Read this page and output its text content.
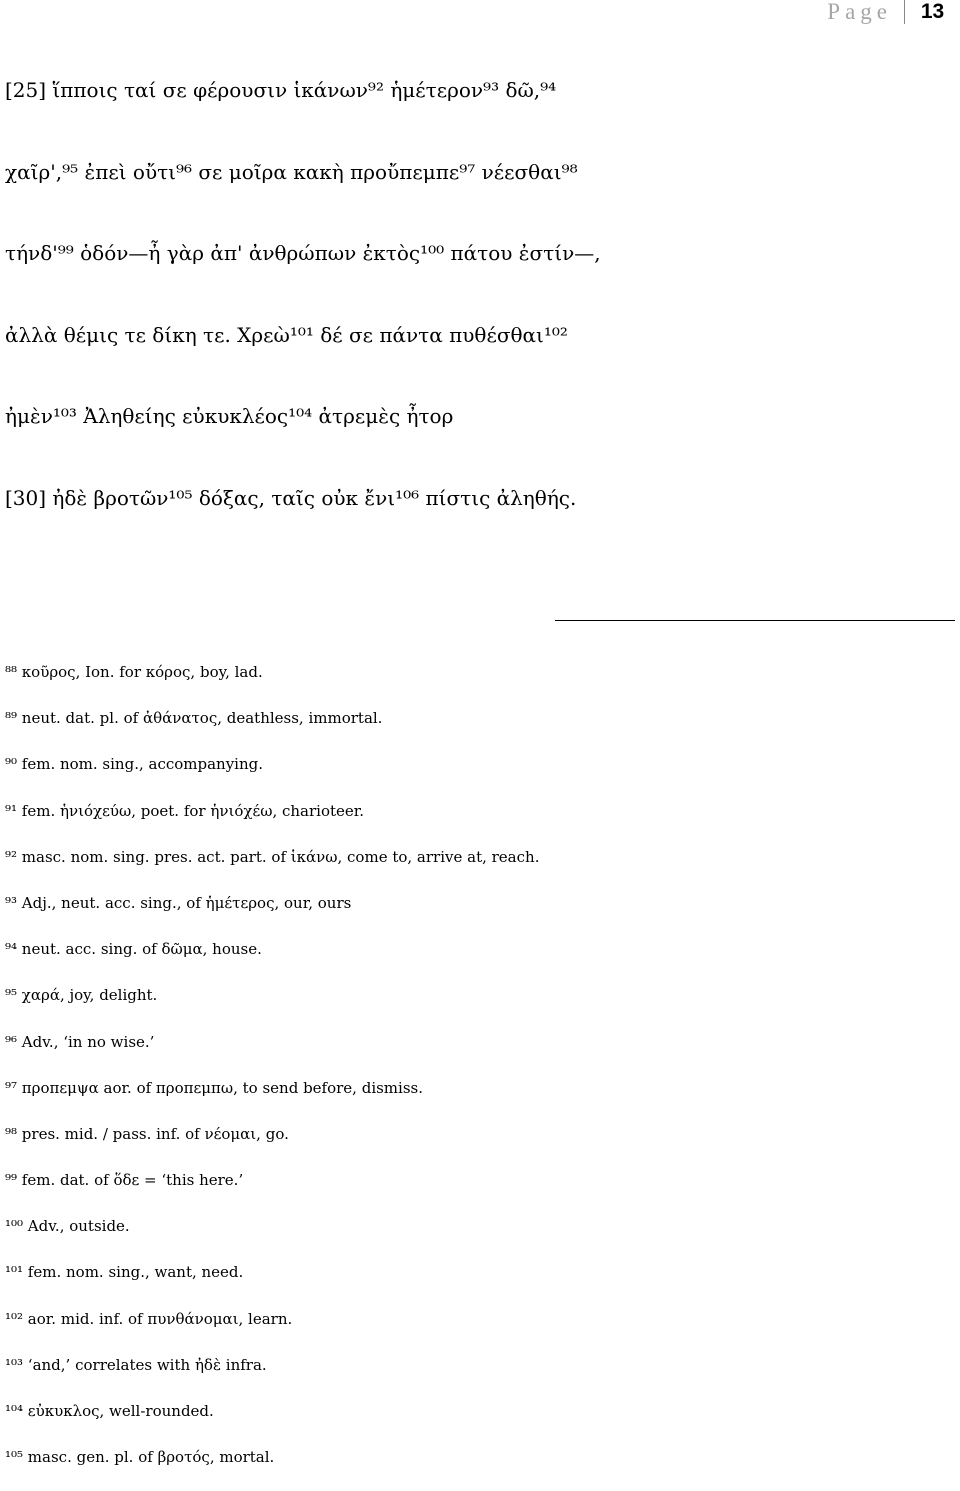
Page	13
[25] ἵπποις ταί σε φέρουσιν ἱκάνων⁹² ἡμέτερον⁹³ δῶ,⁹⁴
χαῖρ',⁹⁵ ἐπεὶ οὔτι⁹⁶ σε μοῖρα κακὴ προὔπεμπε⁹⁷ νέεσθαι⁹⁸
τήνδ'⁹⁹ ὁδόν—ἦ γὰρ ἀπ' ἀνθρώπων ἐκτὸς¹⁰⁰ πάτου ἐστίν—,
ἀλλὰ θέμις τε δίκη τε. Χρεὼ¹⁰¹ δέ σε πάντα πυθέσθαι¹⁰²
ἠμὲν¹⁰³ Ἀληθείης εὐκυκλέος¹⁰⁴ ἀτρεμὲς ἦτορ
[30] ἠδὲ βροτῶν¹⁰⁵ δόξας, ταῖς οὐκ ἔνι¹⁰⁶ πίστις ἀληθής.
⁸⁸ κοῦρος, Ion. for κόρος, boy, lad.
⁸⁹ neut. dat. pl. of ἀθάνατος, deathless, immortal.
⁹⁰ fem. nom. sing., accompanying.
⁹¹ fem. ἡνιόχεύω, poet. for ἡνιόχέω, charioteer.
⁹² masc. nom. sing. pres. act. part. of ἱκάνω, come to, arrive at, reach.
⁹³ Adj., neut. acc. sing., of ἡμέτερος, our, ours
⁹⁴ neut. acc. sing. of δῶμα, house.
⁹⁵ χαρά, joy, delight.
⁹⁶ Adv., ‘in no wise.’
⁹⁷ προπεμψα aor. of προπεμπω, to send before, dismiss.
⁹⁸ pres. mid. / pass. inf. of νέομαι, go.
⁹⁹ fem. dat. of ὅδε = ‘this here.’
¹⁰⁰ Adv., outside.
¹⁰¹ fem. nom. sing., want, need.
¹⁰² aor. mid. inf. of πυνθάνομαι, learn.
¹⁰³ ‘and,’ correlates with ἠδὲ infra.
¹⁰⁴ εὐκυκλος, well-rounded.
¹⁰⁵ masc. gen. pl. of βροτός, mortal.
